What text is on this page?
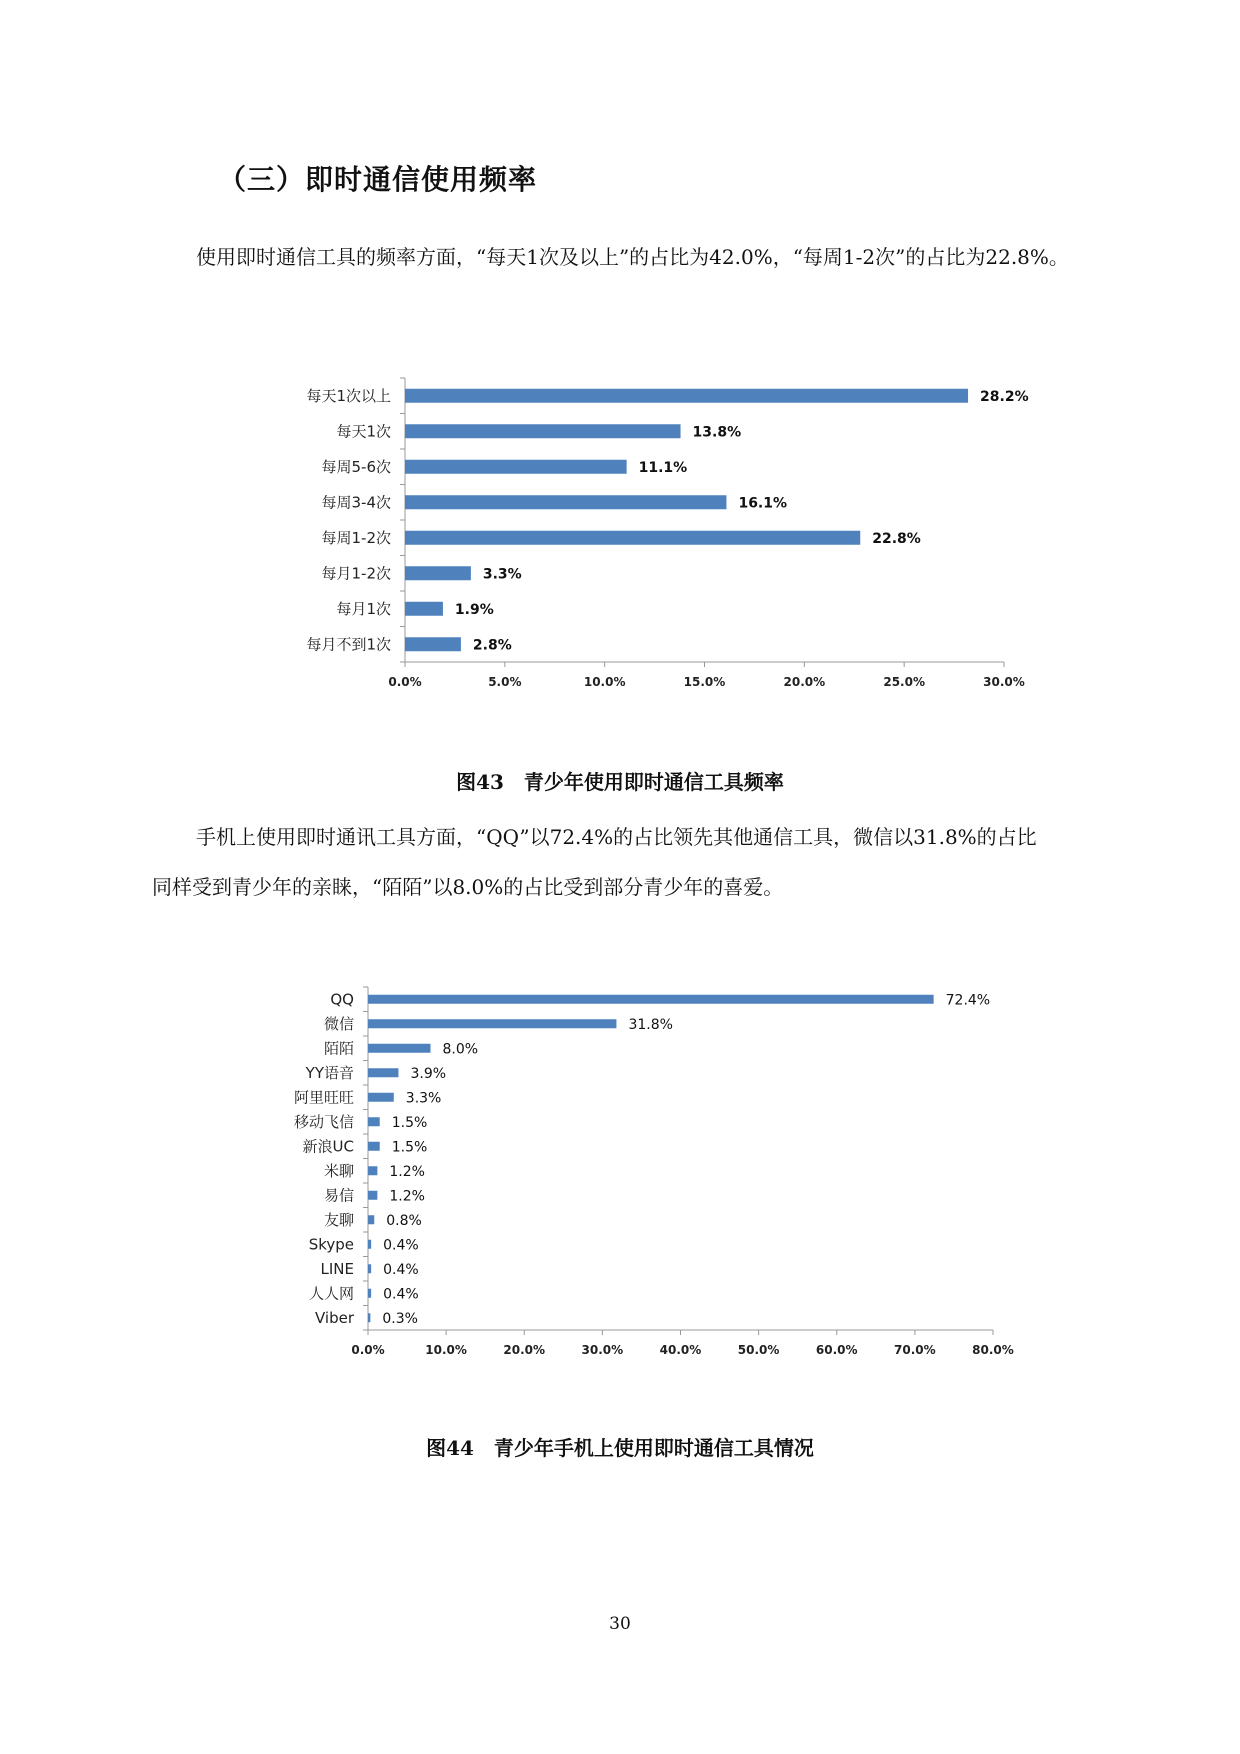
（三）即时通信使用频率
使用即时通信工具的频率方面，“每天1次及以上”的占比为42.0%，“每周1-2次”的占比为22.8%。
0.0%	5.0%	10.0%	15.0%	20.0%	25.0%	30.0%
每天1次以上	28.2%
每天1次	13.8%
每周5-6次	11.1%
每周3-4次	16.1%
每周1-2次	22.8%
每月1-2次	3.3%
每月1次	1.9%
每月不到1次	2.8%
图43　青少年使用即时通信工具频率
手机上使用即时通讯工具方面，“QQ”以72.4%的占比领先其他通信工具，微信以31.8%的占比
同样受到青少年的亲睐，“陌陌”以8.0%的占比受到部分青少年的喜爱。
0.0%	10.0%	20.0%	30.0%	40.0%	50.0%	60.0%	70.0%	80.0%
QQ	72.4%
微信	31.8%
陌陌	8.0%
YY语音	3.9%
阿里旺旺	3.3%
移动飞信	1.5%
新浪UC	1.5%
米聊	1.2%
易信	1.2%
友聊 0.8%
Skype 0.4%
LINE 0.4%
人人网 0.4%
Viber 0.3%
图44　青少年手机上使用即时通信工具情况
30
